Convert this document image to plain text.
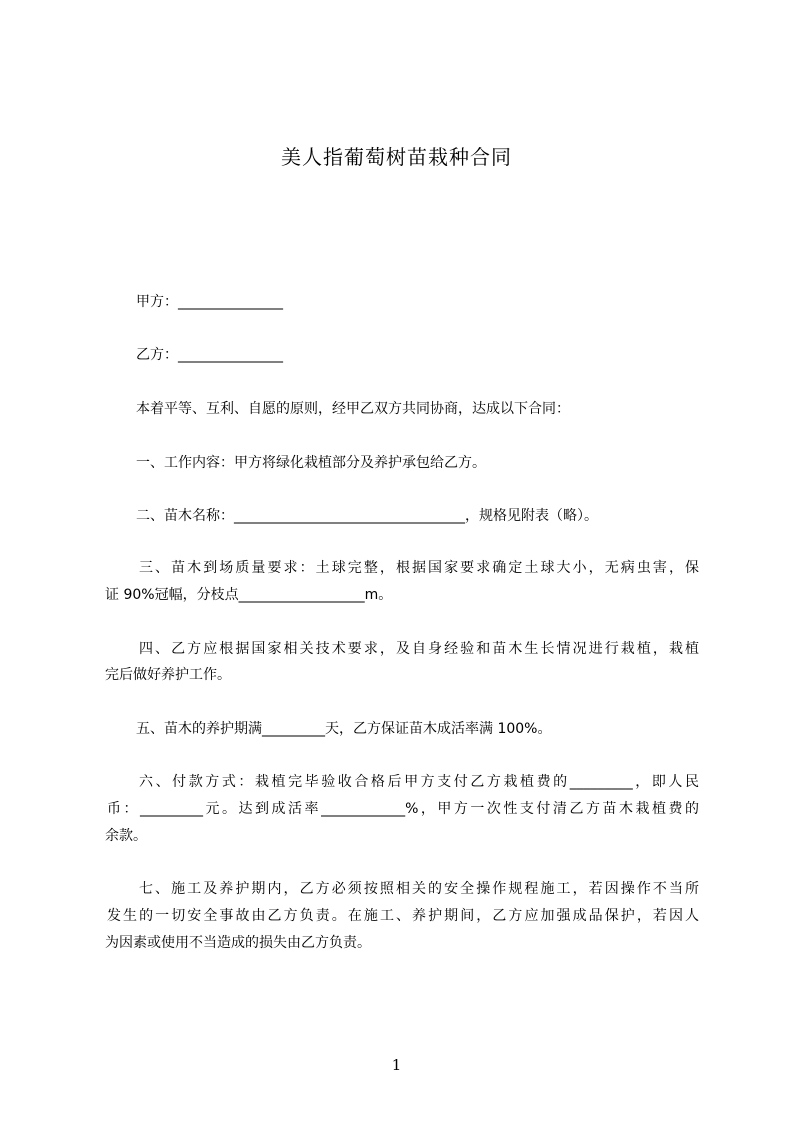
美人指葡萄树苗栽种合同
甲方：_______________
乙方：_______________
本着平等、互利、自愿的原则，经甲乙双方共同协商，达成以下合同：
一、工作内容：甲方将绿化栽植部分及养护承包给乙方。
二、苗木名称：_________________________________，规格见附表（略）。
三、苗木到场质量要求：土球完整，根据国家要求确定土球大小，无病虫害，保
证 90%冠幅，分枝点__________________m。
四、乙方应根据国家相关技术要求，及自身经验和苗木生长情况进行栽植，栽植
完后做好养护工作。
五、苗木的养护期满_________天，乙方保证苗木成活率满 100%。
六、付款方式：栽植完毕验收合格后甲方支付乙方栽植费的_________，即人民
币：_________元。达到成活率____________%，甲方一次性支付清乙方苗木栽植费的
余款。
七、施工及养护期内，乙方必须按照相关的安全操作规程施工，若因操作不当所
发生的一切安全事故由乙方负责。在施工、养护期间，乙方应加强成品保护，若因人
为因素或使用不当造成的损失由乙方负责。
1
